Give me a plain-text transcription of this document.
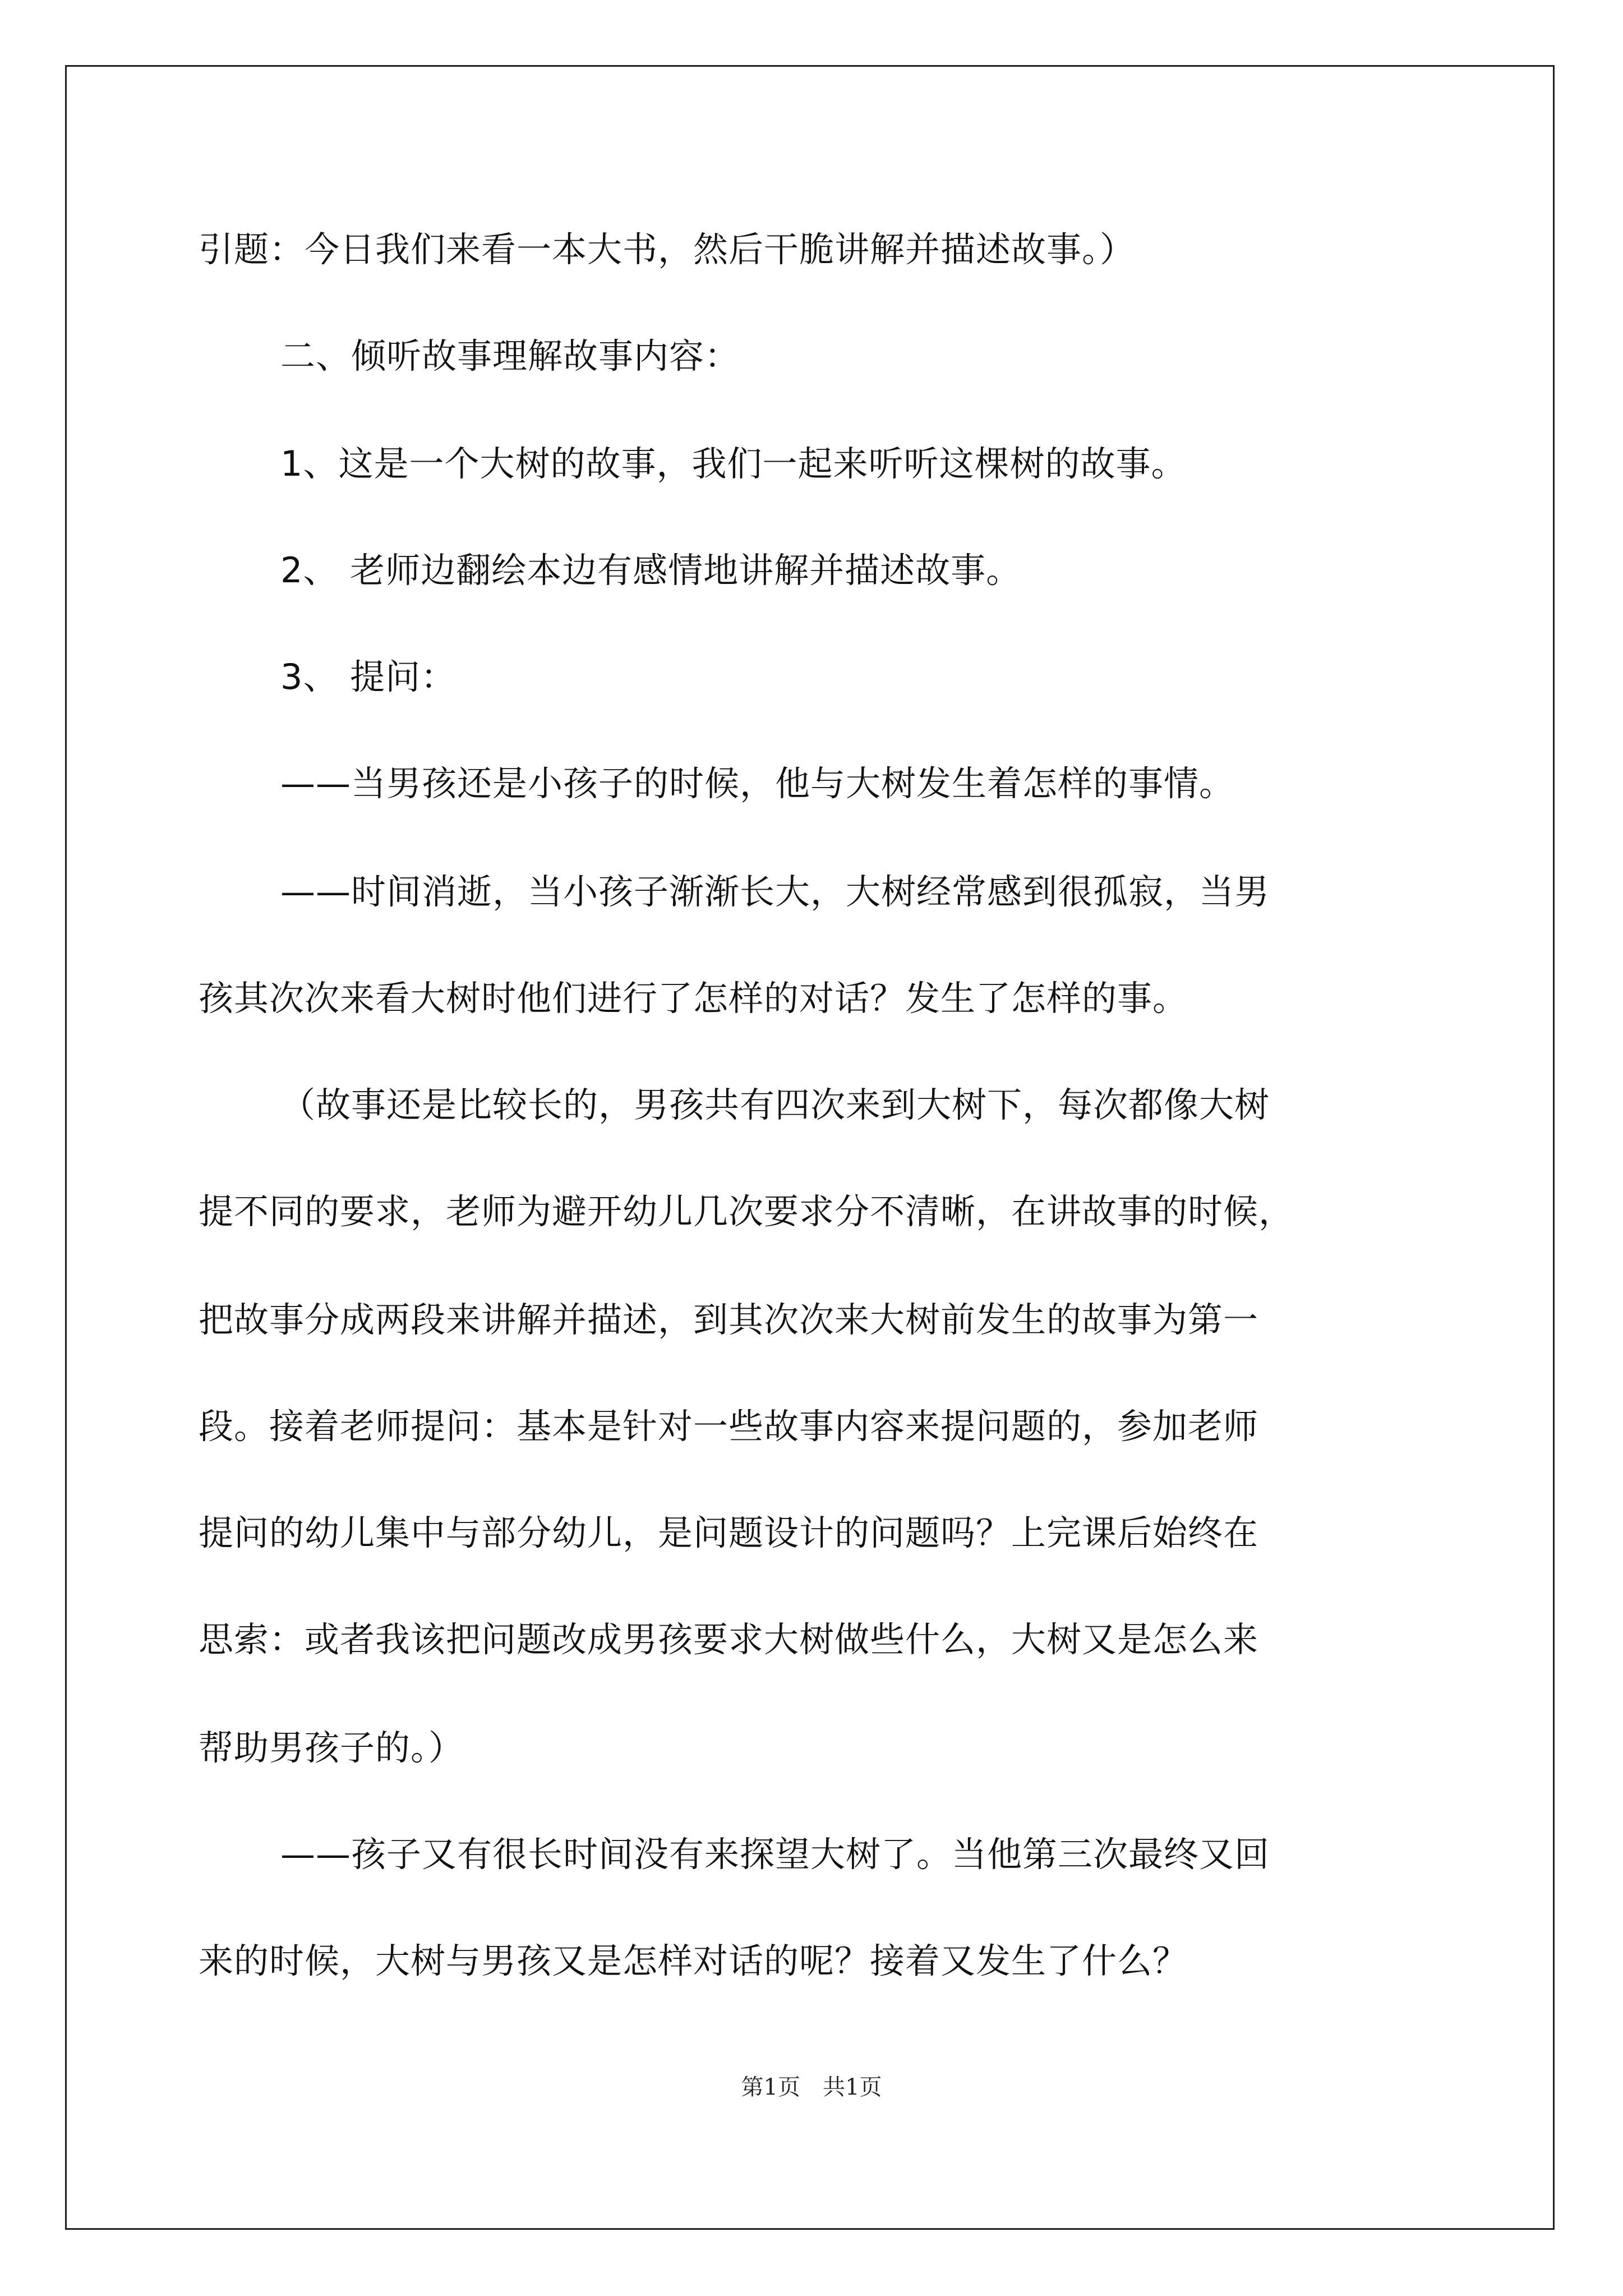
引题：今日我们来看一本大书，然后干脆讲解并描述故事。）
二、倾听故事理解故事内容：
1、这是一个大树的故事，我们一起来听听这棵树的故事。
2、 老师边翻绘本边有感情地讲解并描述故事。
3、 提问：
——当男孩还是小孩子的时候，他与大树发生着怎样的事情。
——时间消逝，当小孩子渐渐长大，大树经常感到很孤寂，当男
孩其次次来看大树时他们进行了怎样的对话？发生了怎样的事。
（故事还是比较长的，男孩共有四次来到大树下，每次都像大树
提不同的要求，老师为避开幼儿几次要求分不清晰，在讲故事的时候，
把故事分成两段来讲解并描述，到其次次来大树前发生的故事为第一
段。接着老师提问：基本是针对一些故事内容来提问题的，参加老师
提问的幼儿集中与部分幼儿，是问题设计的问题吗？上完课后始终在
思索：或者我该把问题改成男孩要求大树做些什么，大树又是怎么来
帮助男孩子的。）
——孩子又有很长时间没有来探望大树了。当他第三次最终又回
来的时候，大树与男孩又是怎样对话的呢？接着又发生了什么？
第1页　共1页
